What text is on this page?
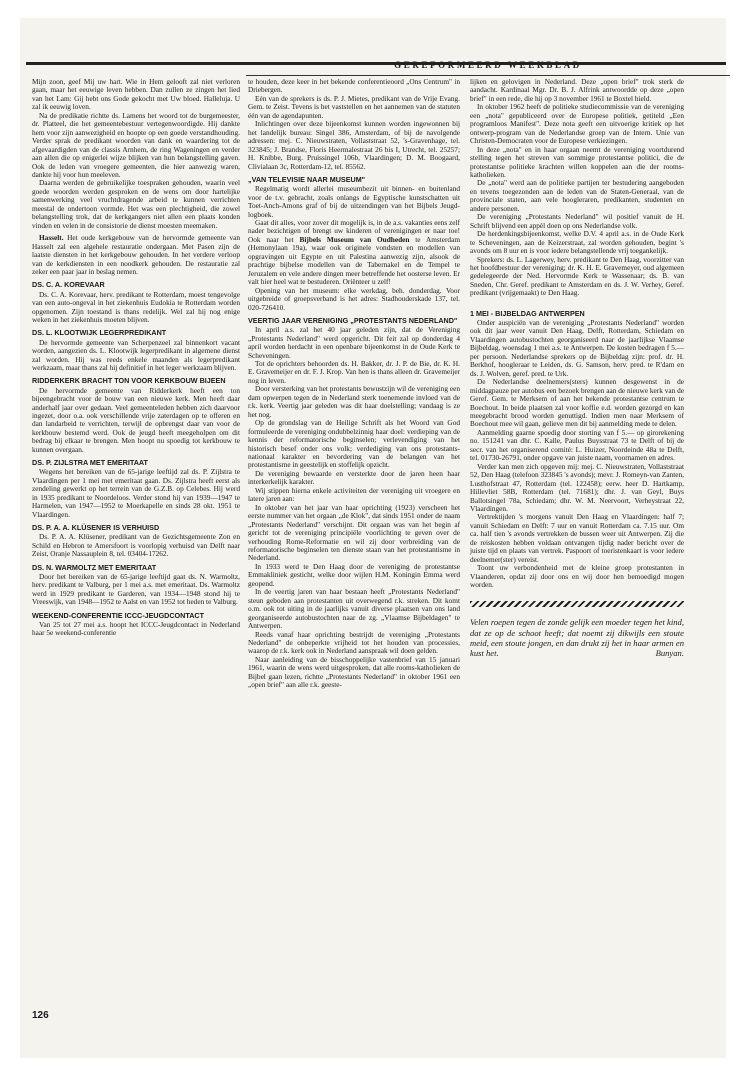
GEREFORMEERD WEEKBLAD

Mijn zoon, geef Mij uw hart. Wie in Hem gelooft zal niet verloren gaan, maar het eeuwige leven hebben. Dan zullen ze zingen het lied van het Lam: Gij hebt ons Gode gekocht met Uw bloed. Halleluja. U zal ik eeuwig loven.

Na de predikatie richtte ds. Lamens het woord tot de burgemeester, dr. Platteel, die het gemeentebestuur vertegenwoordigde. Hij dankte hem voor zijn aanwezigheid en hoopte op een goede verstandhouding. Verder sprak de predikant woorden van dank en waardering tot de afgevaardigden van de classis Arnhem, de ring Wageningen en verder aan allen die op enigerlei wijze blijken van hun belangstelling gaven. Ook de leden van vroegere gemeenten, die hier aanwezig waren, dankte hij voor hun meeleven.

Daarna werden de gebruikelijke toespraken gehouden, waarin veel goede woorden werden gesproken en de wens om door hartelijke samenwerking veel vruchtdragende arbeid te kunnen verrichten meestal de ondertoon vormde. Het was een plechtigheid, die zowel belangstelling trok, dat de kerkgangers niet allen een plaats konden vinden en velen in de consistorie de dienst moesten meemaken.

Hasselt. Het oude kerkgebouw van de hervormde gemeente van Hasselt zal een algehele restauratie ondergaan. Met Pasen zijn de laatste diensten in het kerkgebouw gehouden. In het verdere verloop van de kerkdiensten in een noodkerk gehouden. De restauratie zal zeker een paar jaar in beslag nemen.

DS. C. A. KOREVAAR

Ds. C. A. Korevaar, herv. predikant te Rotterdam, moest tengevolge van een auto-ongeval in het ziekenhuis Eudokia te Rotterdam worden opgenomen. Zijn toestand is thans redelijk. Wel zal hij nog enige weken in het ziekenhuis moeten blijven.

DS. L. KLOOTWIJK LEGERPREDIKANT

De hervormde gemeente van Scherpenzeel zal binnenkort vacant worden, aangezien ds. L. Klootwijk legerpredikant in algemene dienst zal worden. Hij was reeds enkele maanden als legerpredikant werkzaam, maar thans zal hij definitief in het leger werkzaam blijven.

RIDDERKERK BRACHT TON VOOR KERKBOUW BIJEEN

De hervormde gemeente van Ridderkerk heeft een ton bijeengebracht voor de bouw van een nieuwe kerk. Men heeft daar anderhalf jaar over gedaan. Veel gemeenteleden hebben zich daarvoor ingezet, door o.a. ook verschillende vrije zaterdagen op te offeren en dan landarbeid te verrichten, terwijl de opbrengst daar van voor de kerkbouw bestemd werd. Ook de jeugd heeft meegeholpen om dit bedrag bij elkaar te brengen. Men hoopt nu spoedig tot kerkbouw te kunnen overgaan.

DS. P. ZIJLSTRA MET EMERITAAT

Wegens het bereiken van de 65-jarige leeftijd zal ds. P. Zijlstra te Vlaardingen per 1 mei met emeritaat gaan. Ds. Zijlstra heeft eerst als zendeling gewerkt op het terrein van de G.Z.B. op Celebes. Hij werd in 1935 predikant te Noordeloos. Verder stond hij van 1939—1947 te Harmelen, van 1947—1952 te Moerkapelle en sinds 28 okt. 1951 te Vlaardingen.

DS. P. A. A. KLÜSENER IS VERHUISD

Ds. P. A. A. Klüsener, predikant van de Gezichtsgemeente Zon en Schild en Hebron te Amersfoort is voorlopig verhuisd van Delft naar Zeist, Oranje Nassauplein 8, tel. 03404-17262.

DS. N. WARMOLTZ MET EMERITAAT

Door het bereiken van de 65-jarige leeftijd gaat ds. N. Warmoltz, herv. predikant te Valburg, per 1 mei a.s. met emeritaat. Ds. Warmoltz werd in 1929 predikant te Garderen, van 1934—1948 stond hij te Vreeswijk, van 1948—1952 te Aalst en van 1952 tot heden te Valburg.

WEEKEND-CONFERENTIE ICCC-JEUGDCONTACT

Van 25 tot 27 mei a.s. hoopt het ICCC-Jeugdcontact in Nederland haar 5e weekend-conferentie

te houden, deze keer in het bekende conferentieoord „Ons Centrum" in Driebergen.

Eén van de sprekers is ds. P. J. Mietes, predikant van de Vrije Evang. Gem. te Zeist. Tevens is het vaststellen en het aannemen van de statuten één van de agendapunten.

Inlichtingen over deze bijeenkomst kunnen worden ingewonnen bij het landelijk bureau: Singel 386, Amsterdam, of bij de navolgende adressen: mej. C. Nieuwstraten, Vollaststraat 52, 's-Gravenhage, tel. 323845; J. Brandse, Floris Heermalestraat 26 bis I, Utrecht, tel. 25257; H. Knibbe, Burg. Pruissingel 106b, Vlaardingen; D. M. Boogaard, Clivialaan 3c, Rotterdam-12, tel. 85562.

„VAN TELEVISIE NAAR MUSEUM"

Regelmatig wordt allerlei museumbezit uit binnen- en buitenland voor de t.v. gebracht, zoals onlangs de Egyptische kunstschatten uit Toet-Anch-Amons graf of bij de uitzendingen van het Bijbels Jeugd-logboek.

Gaat dit alles, voor zover dit mogelijk is, in de a.s. vakanties eens zelf nader bezichtigen of brengt uw kinderen of verenigingen er naar toe! Ook naar het Bijbels Museum van Oudheden te Amsterdam (Hemonylaan 19a), waar ook originele vondsten en modellen van opgravingen uit Egypte en uit Palestina aanwezig zijn, alsook de prachtige bijbelse modellen van de Tabernakel en de Tempel te Jeruzalem en vele andere dingen meer betreffende het oosterse leven. Er valt hier heel wat te bestuderen. Oriënteer u zelf!

Opening van het museum: elke werkdag, beh. donderdag. Voor uitgebreide of groepsverband is het adres: Stadhouderskade 137, tel. 020-726410.

VEERTIG JAAR VERENIGING „PROTESTANTS NEDERLAND"

In april a.s. zal het 40 jaar geleden zijn, dat de Vereniging „Protestants Nederland" werd opgericht. Dit feit zal op donderdag 4 april worden herdacht in een openbare bijeenkomst in de Oude Kerk te Scheveningen.

Tot de oprichters behoorden ds. H. Bakker, dr. J. P. de Bie, dr. K. H. E. Gravemeijer en dr. F. J. Krop. Van hen is thans alleen dr. Gravemeijer nog in leven.

Door versterking van het protestants bewustzijn wil de vereniging een dam opwerpen tegen de in Nederland sterk toenemende invloed van de r.k. kerk. Veertig jaar geleden was dit haar doelstelling; vandaag is ze het nog.

Op de grondslag van de Heilige Schrift als het Woord van God formuleerde de vereniging ondubbelzinnig haar doel: verdieping van de kennis der reformatorische beginselen; verlevendiging van het historisch besef onder ons volk; verdediging van ons protestants-nationaal karakter en bevordering van de belangen van het protestantisme in geestelijk en stoffelijk opzicht.

De vereniging bewaarde en versterkte door de jaren heen haar interkerkelijk karakter.

Wij stippen hierna enkele activiteiten der vereniging uit vroegere en latere jaren aan:

In oktober van het jaar van haar oprichting (1923) verscheen het eerste nummer van het orgaan „de Klok", dat sinds 1951 onder de naam „Protestants Nederland" verschijnt. Dit orgaan was van het begin af gericht tot de vereniging principiële voorlichting te geven over de verhouding Rome-Reformatie en wil zij door verbreiding van de reformatorische beginselen ten dienste staan van het protestantisme in Nederland.

In 1933 werd te Den Haag door de vereniging de protestantse Emmakliniek gesticht, welke door wijlen H.M. Koningin Emma werd geopend.

In de veertig jaren van haar bestaan heeft „Protestants Nederland" steun geboden aan protestanten uit overwegend r.k. streken. Dit komt o.m. ook tot uiting in de jaarlijks vanuit diverse plaatsen van ons land georganiseerde autobustochten naar de zg. „Vlaamse Bijbeldagen" te Antwerpen.

Reeds vanaf haar oprichting bestrijdt de vereniging „Protestants Nederland" de onbeperkte vrijheid tot het houden van processies, waarop de r.k. kerk ook in Nederland aanspraak wil doen gelden.

Naar aanleiding van de bisschoppelijke vastenbrief van 15 januari 1961, waarin de wens werd uitgesproken, dat alle rooms-katholieken de Bijbel gaan lezen, richtte „Protestants Nederland" in oktober 1961 een „open brief" aan alle r.k. geeste-

lijken en gelovigen in Nederland. Deze „open brief" trok sterk de aandacht. Kardinaal Mgr. Dr. B. J. Alfrink antwoordde op deze „open brief" in een rede, die hij op 3 november 1961 te Boxtel hield.

In oktober 1962 heeft de politieke studiecommissie van de vereniging een „nota" gepubliceerd over de Europese politiek, getiteld „Een programloos Manifest". Deze nota geeft een uitvoerige kritiek op het ontwerp-program van de Nederlandse groep van de Intern. Unie van Christen-Democraten voor de Europese verkiezingen.

In deze „nota" en in haar orgaan neemt de vereniging voortdurend stelling tegen het streven van sommige protestantse politici, die de protestantse politieke krachten willen koppelen aan die der rooms-katholieken.

De „nota" werd aan de politieke partijen ter bestudering aangeboden en tevens toegezonden aan de leden van de Staten-Generaal, van de provinciale staten, aan vele hoogleraren, predikanten, studenten en andere personen.

De vereniging „Protestants Nederland" wil positief vanuit de H. Schrift blijvend een appèl doen op ons Nederlandse volk.

De herdenkingsbijeenkomst, welke D.V. 4 april a.s. in de Oude Kerk te Scheveningen, aan de Keizerstraat, zal worden gehouden, begint 's avonds om 8 uur en is voor iedere belangstellende vrij toegankelijk.

Sprekers: ds. L. Lagerwey, herv. predikant te Den Haag, voorzitter van het hoofdbestuur der vereniging; dr. K. H. E. Gravemeyer, oud algemeen gedelegeerde der Ned. Hervormde Kerk te Wassenaar; ds. B. van Sneden, Chr. Geref. predikant te Amsterdam en ds. J. W. Verhey, Geref. predikant (vrijgemaakt) te Den Haag.

1 MEI - BIJBELDAG ANTWERPEN

Onder auspiciën van de vereniging „Protestants Nederland" worden ook dit jaar weer vanuit Den Haag, Delft, Rotterdam, Schiedam en Vlaardingen autobustochten georganiseerd naar de jaarlijkse Vlaamse Bijbeldag, woensdag 1 mei a.s. te Antwerpen. De kosten bedragen f 5.— per persoon. Nederlandse sprekers op de Bijbeldag zijn: prof. dr. H. Berkhof, hoogleraar te Leiden, ds. G. Samson, herv. pred. te R'dam en ds. J. Wolven, geref. pred. te Urk.

De Nederlandse deelnemers(sters) kunnen desgewenst in de middagpauze per autobus een bezoek brengen aan de nieuwe kerk van de Geref. Gem. te Merksem of aan het bekende protestantse centrum te Boechout. In beide plaatsen zal voor koffie e.d. worden gezorgd en kan meegebracht brood worden genuttigd. Indien men naar Merksem of Boechout mee wil gaan, gelieve men dit bij aanmelding mede te delen.

Aanmelding gaarne spoedig door storting van f 5.— op girorekening no. 151241 van dhr. C. Kalle, Paulus Buysstraat 73 te Delft of bij de secr. van het organiserend comité: L. Huizer, Noordeinde 48a te Delft, tel. 01730-26791, onder opgave van juiste naam, voornamen en adres.

Verder kan men zich opgeven mij: mej. C. Nieuwstraten, Vollaststraat 52, Den Haag (telefoon 323845 's avonds); mevr. J. Romeyn-van Zanten, Lusthofstraat 47, Rotterdam (tel. 122458); eerw. heer D. Hartkamp, Hillevliet 58B, Rotterdam (tel. 71681); dhr. J. van Geyl, Buys Ballotsingel 78a, Schiedam; dhr. W. M. Neervoort, Verheystraat 22, Vlaardingen.

Vertrektijden 's morgens vanuit Den Haag en Vlaardingen: half 7; vanuit Schiedam en Delft: 7 uur en vanuit Rotterdam ca. 7.15 uur. Om ca. half tien 's avonds vertrekken de bussen weer uit Antwerpen. Zij die de reiskosten hebben voldaan ontvangen tijdig nader bericht over de juiste tijd en plaats van vertrek. Paspoort of toeristenkaart is voor iedere deelnemer(ster) vereist.

Toont uw verbondenheid met de kleine groep protestanten in Vlaanderen, opdat zij door ons en wij door hen bemoedigd mogen worden.

Velen roepen tegen de zonde gelijk een moeder tegen het kind, dat ze op de schoot heeft; dat noemt zij dikwijls een stoute meid, een stoute jongen, en dan drukt zij het in haar armen en kust het.	Bunyan.
126
